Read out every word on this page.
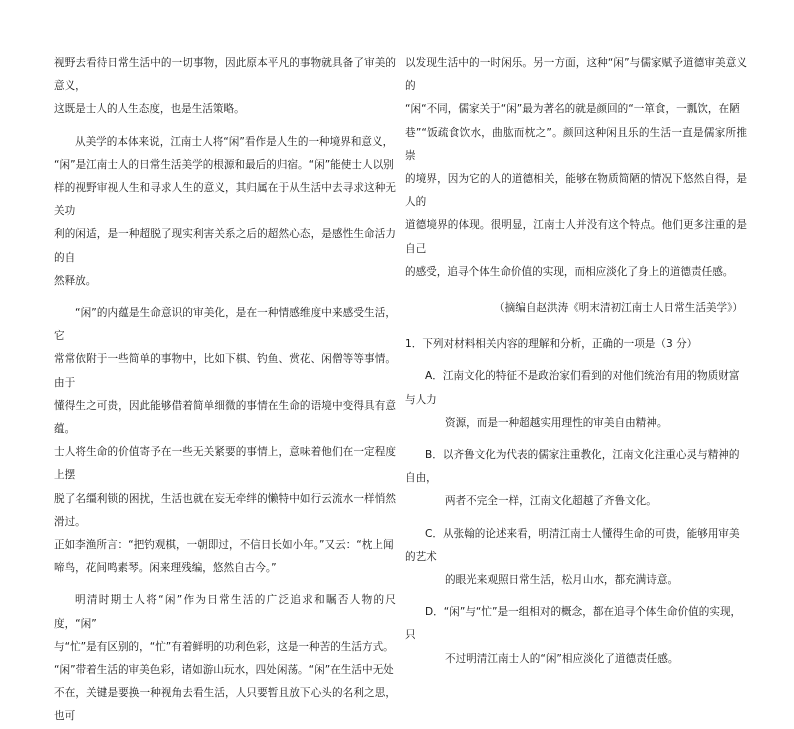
视野去看待日常生活中的一切事物，因此原本平凡的事物就具备了审美的意义，
这既是士人的人生态度，也是生活策略。

从美学的本体来说，江南士人将“闲”看作是人生的一种境界和意义，
“闲”是江南士人的日常生活美学的根源和最后的归宿。“闲”能使士人以别
样的视野审视人生和寻求人生的意义，其归属在于从生活中去寻求这种无关功
利的闲适，是一种超脱了现实利害关系之后的超然心态，是感性生命活力的自
然释放。

“闲”的内蕴是生命意识的审美化，是在一种情感维度中来感受生活，它
常常依附于一些简单的事物中，比如下棋、钓鱼、赏花、闲僧等等事情。由于
懂得生之可贵，因此能够借着简单细微的事情在生命的语境中变得具有意蕴。
士人将生命的价值寄予在一些无关紧要的事情上，意味着他们在一定程度上摆
脱了名缰利锁的困扰，生活也就在妄无牵绊的懒特中如行云流水一样悄然滑过。
正如李渔所言：“把钓观棋，一朝即过，不信日长如小年。”又云：“枕上闻
啼鸟，花间鸣素琴。闲来理残编，悠然自古今。”

明清时期士人将“闲”作为日常生活的广泛追求和瞩否人物的尺度，“闲”
与“忙”是有区别的，“忙”有着鲜明的功利色彩，这是一种苦的生活方式。
“闲”带着生活的审美色彩，诸如游山玩水，四处闲荡。“闲”在生活中无处
不在，关键是要换一种视角去看生活，人只要暂且放下心头的名利之思，也可

以发现生活中的一时闲乐。另一方面，这种“闲”与儒家赋予道德审美意义的
“闲“不同，儒家关于“闲”最为著名的就是颜回的“一箪食，一瓢饮，在陋
巷”“饭疏食饮水，曲肱而枕之”。颜回这种闲且乐的生活一直是儒家所推崇
的境界，因为它的人的道德相关，能够在物质简陋的情况下悠然自得，是人的
道德境界的体现。很明显，江南士人并没有这个特点。他们更多注重的是自己
的感受，追寻个体生命价值的实现，而相应淡化了身上的道德责任感。

（摘编自赵洪涛《明末清初江南士人日常生活美学》）

1．下列对材料相关内容的理解和分析，正确的一项是（3 分）

A．江南文化的特征不是政治家们看到的对他们统治有用的物质财富与人力
资源，而是一种超越实用理性的审美自由精神。
B．以齐鲁文化为代表的儒家注重教化，江南文化注重心灵与精神的自由，
两者不完全一样，江南文化超越了齐鲁文化。
C．从张翰的论述来看，明清江南士人懂得生命的可贵，能够用审美的艺术
的眼光来观照日常生活，松月山水，都充满诗意。
D．“闲”与“忙”是一组相对的概念，都在追寻个体生命价值的实现，只
不过明清江南士人的“闲”相应淡化了道德责任感。
